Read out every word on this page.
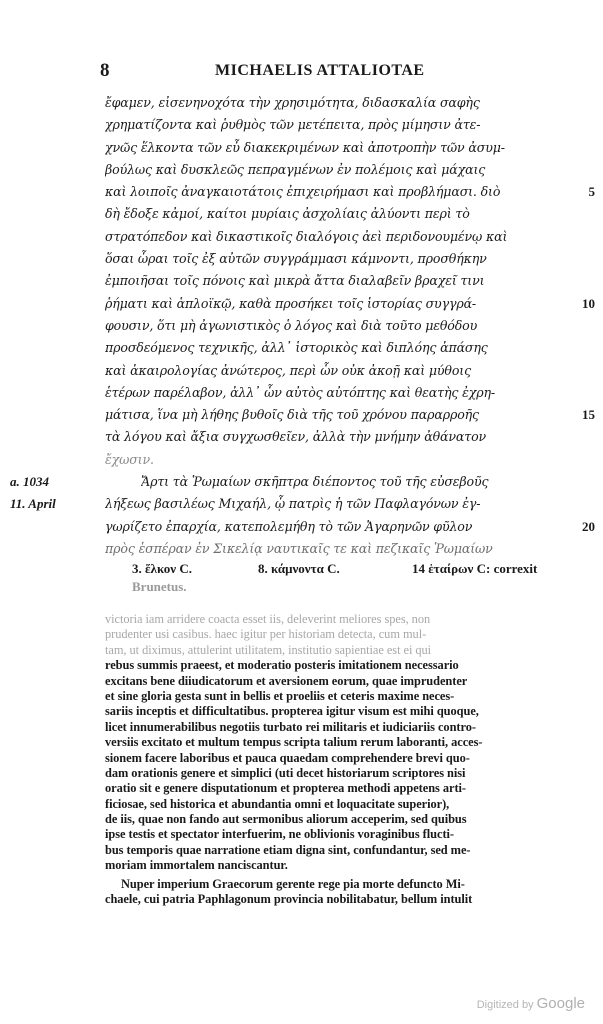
8	MICHAELIS ATTALIOTAE
ἔφαμεν, εἰσενηνοχότα τὴν χρησιμότητα, διδασκαλία σαφὴς
χρηματίζοντα καὶ ῥυθμὸς τῶν μετέπειτα, πρὸς μίμησιν ἀτε-
χνῶς ἕλκοντα τῶν εὖ διακεκριμένων καὶ ἀποτροπὴν τῶν ἀσυμ-
βούλως καὶ δυσκλεῶς πεπραγμένων ἐν πολέμοις καὶ μάχαις
καὶ λοιποῖς ἀναγκαιοτάτοις ἐπιχειρήμασι καὶ προβλήμασι. διὸ	5
δὴ ἔδοξε κἀμοί, καίτοι μυρίαις ἀσχολίαις ἀλύοντι περὶ τὸ
στρατόπεδον καὶ δικαστικοῖς διαλόγοις ἀεὶ περιδονουμένῳ καὶ
ὅσαι ὧραι τοῖς ἐξ αὐτῶν συγγράμμασι κάμνοντι, προσθήκην
ἐμποιῆσαι τοῖς πόνοις καὶ μικρὰ ἄττα διαλαβεῖν βραχεῖ τινι
ῥήματι καὶ ἁπλοϊκῷ, καθὰ προσήκει τοῖς ἱστορίας συγγρά-	10
φουσιν, ὅτι μὴ ἀγωνιστικὸς ὁ λόγος καὶ διὰ τοῦτο μεθόδου
προσδεόμενος τεχνικῆς, ἀλλ᾿ ἱστορικὸς καὶ διπλόης ἁπάσης
καὶ ἀκαιρολογίας ἀνώτερος, περὶ ὧν οὐκ ἀκοῇ καὶ μύθοις
ἑτέρων παρέλαβον, ἀλλ᾿ ὧν αὐτὸς αὐτόπτης καὶ θεατὴς ἐχρη-
μάτισα, ἵνα μὴ λήθης βυθοῖς διὰ τῆς τοῦ χρόνου παραρροῆς	15
τὰ λόγου καὶ ἄξια συγχωσθεῖεν, ἀλλὰ τὴν μνήμην ἀθάνατον
ἔχωσιν.
Ἄρτι τὰ Ῥωμαίων σκῆπτρα διέποντος τοῦ τῆς εὐσεβοῦς
a. 1034
λήξεως βασιλέως Μιχαήλ, ᾧ πατρὶς ἡ τῶν Παφλαγόνων ἐγ-
11. April
γωρίζετο ἐπαρχία, κατεπολεμήθη τὸ τῶν Ἀγαρηνῶν φῦλον	20
πρὸς ἑσπέραν ἐν Σικελίᾳ ναυτικαῖς τε καὶ πεζικαῖς Ῥωμαίων
3. ἕλκον C.	8. κάμνοντα C.	14 ἑταίρων C: correxit
Brunetus.
victoria iam arridere coacta esset iis, deleverint meliores spes, non
prudenter usi casibus. haec igitur per historiam detecta, cum mul-
tam, ut diximus, attulerint utilitatem, institutio sapientiae est ei qui
rebus summis praeest, et moderatio posteris imitationem necessario
excitans bene diiudicatorum et aversionem eorum, quae imprudenter
et sine gloria gesta sunt in bellis et proeliis et ceteris maxime neces-
sariis inceptis et difficultatibus. propterea igitur visum est mihi quoque,
licet innumerabilibus negotiis turbato rei militaris et iudiciariis contro-
versiis excitato et multum tempus scripta talium rerum laboranti, acces-
sionem facere laboribus et pauca quaedam comprehendere brevi quo-
dam orationis genere et simplici (uti decet historiarum scriptores nisi
oratio sit e genere disputationum et propterea methodi appetens arti-
ficiosae, sed historica et abundantia omni et loquacitate superior),
de iis, quae non fando aut sermonibus aliorum acceperim, sed quibus
ipse testis et spectator interfuerim, ne oblivionis voraginibus flucti-
bus temporis quae narratione etiam digna sint, confundantur, sed me-
moriam immortalem nanciscantur.
Nuper imperium Graecorum gerente rege pia morte defuncto Mi-
chaele, cui patria Paphlagonum provincia nobilitabatur, bellum intulit
Digitized by Google
